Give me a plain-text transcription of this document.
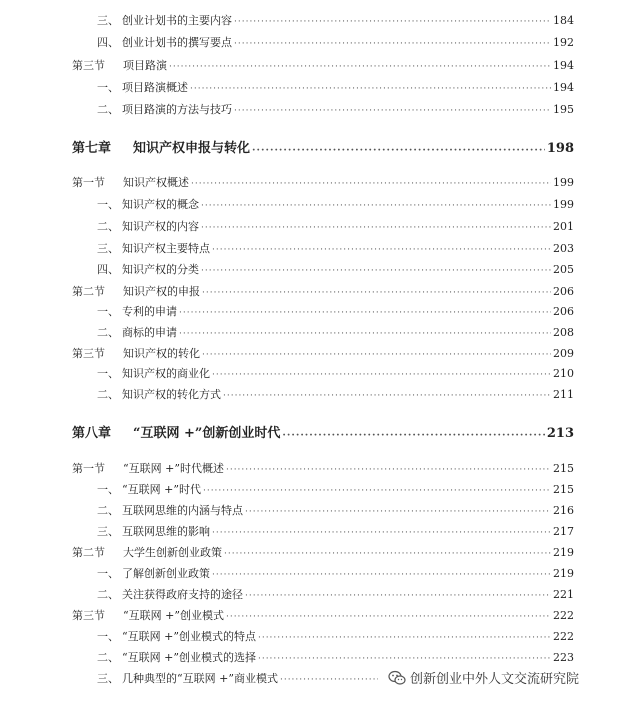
三、 创业计划书的主要内容 ·····	184
四、 创业计划书的撰写要点 ·····	192
第三节 项目路演 ·····	194
一、 项目路演概述 ·····	194
二、 项目路演的方法与技巧 ·····	195
第七章 知识产权申报与转化 ·····	198
第一节 知识产权概述 ·····	199
一、 知识产权的概念 ·····	199
二、 知识产权的内容 ·····	201
三、 知识产权主要特点 ·····	203
四、 知识产权的分类 ·····	205
第二节 知识产权的申报 ·····	206
一、 专利的申请 ·····	206
二、 商标的申请 ·····	208
第三节 知识产权的转化 ·····	209
一、 知识产权的商业化 ·····	210
二、 知识产权的转化方式 ·····	211
第八章 “互联网 +”创新创业时代 ·····	213
第一节 “互联网 +”时代概述 ·····	215
一、 “互联网 +”时代 ·····	215
二、 互联网思维的内涵与特点 ·····	216
三、 互联网思维的影响 ·····	217
第二节 大学生创新创业政策 ·····	219
一、 了解创新创业政策 ·····	219
二、 关注获得政府支持的途径 ·····	221
第三节 “互联网 +”创业模式 ·····	222
一、 “互联网 +”创业模式的特点 ·····	222
二、 “互联网 +”创业模式的选择 ·····	223
三、 几种典型的“互联网 +”商业模式 ·····	创新创业中外人文交流研究院
